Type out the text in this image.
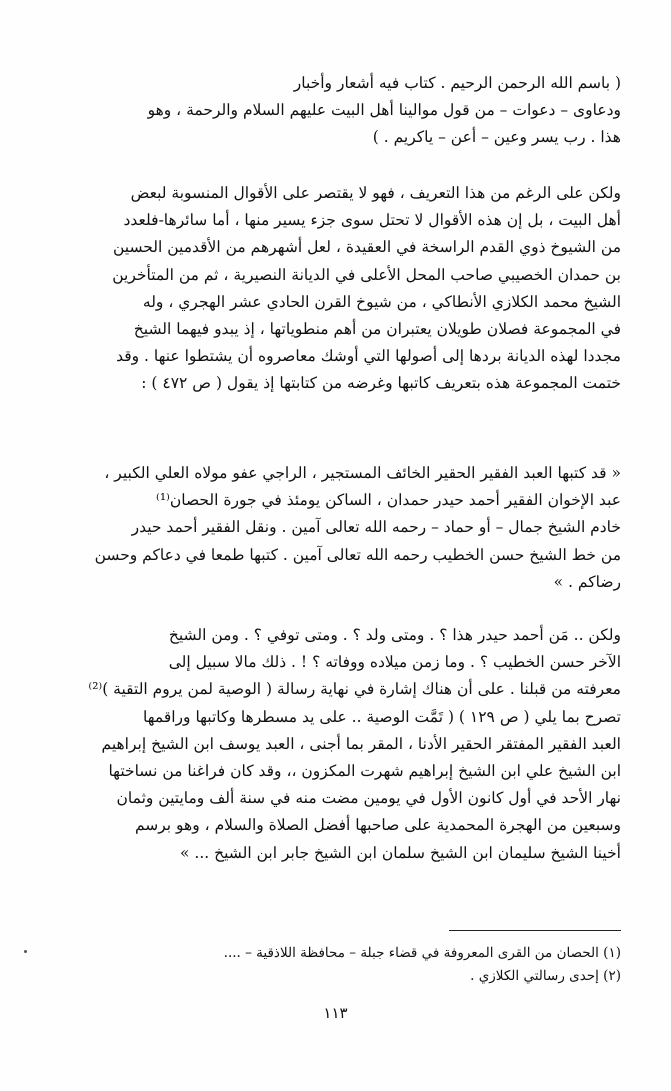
( باسم الله الرحمن الرحيم . كتاب فيه أشعار وأخبار
ودعاوى – دعوات – من قول موالينا أهل البيت عليهم السلام والرحمة ، وهو
هذا . رب يسر وعين – أعن – ياكريم . )
ولكن على الرغم من هذا التعريف ، فهو لا يقتصر على الأقوال المنسوبة لبعض
أهل البيت ، بل إن هذه الأقوال لا تحتل سوى جزء يسير منها ، أما سائرها-فلعدد
من الشيوخ ذوي القدم الراسخة في العقيدة ، لعل أشهرهم من الأقدمين الحسين
بن حمدان الخصيبي صاحب المحل الأعلى في الديانة النصيرية ، ثم من المتأخرين
الشيخ محمد الكلازي الأنطاكي ، من شيوخ القرن الحادي عشر الهجري ، وله
في المجموعة فصلان طويلان يعتبران من أهم منطوياتها ، إذ يبدو فيهما الشيخ
مجددا لهذه الديانة بردها إلى أصولها التي أوشك معاصروه أن يشتطوا عنها . وقد
ختمت المجموعة هذه بتعريف كاتبها وغرضه من كتابتها إذ يقول ( ص ٤٧٢ ) :
« قد كتبها العبد الفقير الحقير الخائف المستجير ، الراجي عفو مولاه العلي الكبير ،
عبد الإخوان الفقير أحمد حيدر حمدان ، الساكن يومئذ في جورة الحصان⁽¹⁾
خادم الشيخ جمال – أو حماد – رحمه الله تعالى آمين . ونقل الفقير أحمد حيدر
من خط الشيخ حسن الخطيب رحمه الله تعالى آمين . كتبها طمعا في دعاكم وحسن
رضاكم . »
ولكن .. مَن أحمد حيدر هذا ؟ . ومتى ولد ؟ . ومتى توفي ؟ . ومن الشيخ
الآخر حسن الخطيب ؟ . وما زمن ميلاده ووفاته ؟ ! . ذلك مالا سبيل إلى
معرفته من قبلنا . على أن هناك إشارة في نهاية رسالة ( الوصية لمن يروم التقية )⁽²⁾
تصرح بما يلي ( ص ١٢٩ ) ( تَمَّت الوصية .. على يد مسطرها وكاتبها وراقمها
العبد الفقير المفتقر الحقير الأدنا ، المقر بما أجنى ، العبد يوسف ابن الشيخ إبراهيم
ابن الشيخ علي ابن الشيخ إبراهيم شهرت المكزون ،، وقد كان فراغنا من نساختها
نهار الأحد في أول كانون الأول في يومين مضت منه في سنة ألف ومايتين وثمان
وسبعين من الهجرة المحمدية على صاحبها أفضل الصلاة والسلام ، وهو برسم
أخينا الشيخ سليمان ابن الشيخ سلمان ابن الشيخ جابر ابن الشيخ ... »
(١) الحصان من القرى المعروفة في قضاء جبلة – محافظة اللاذقية – ....
(٢) إحدى رسالتي الكلازي .
١١٣
